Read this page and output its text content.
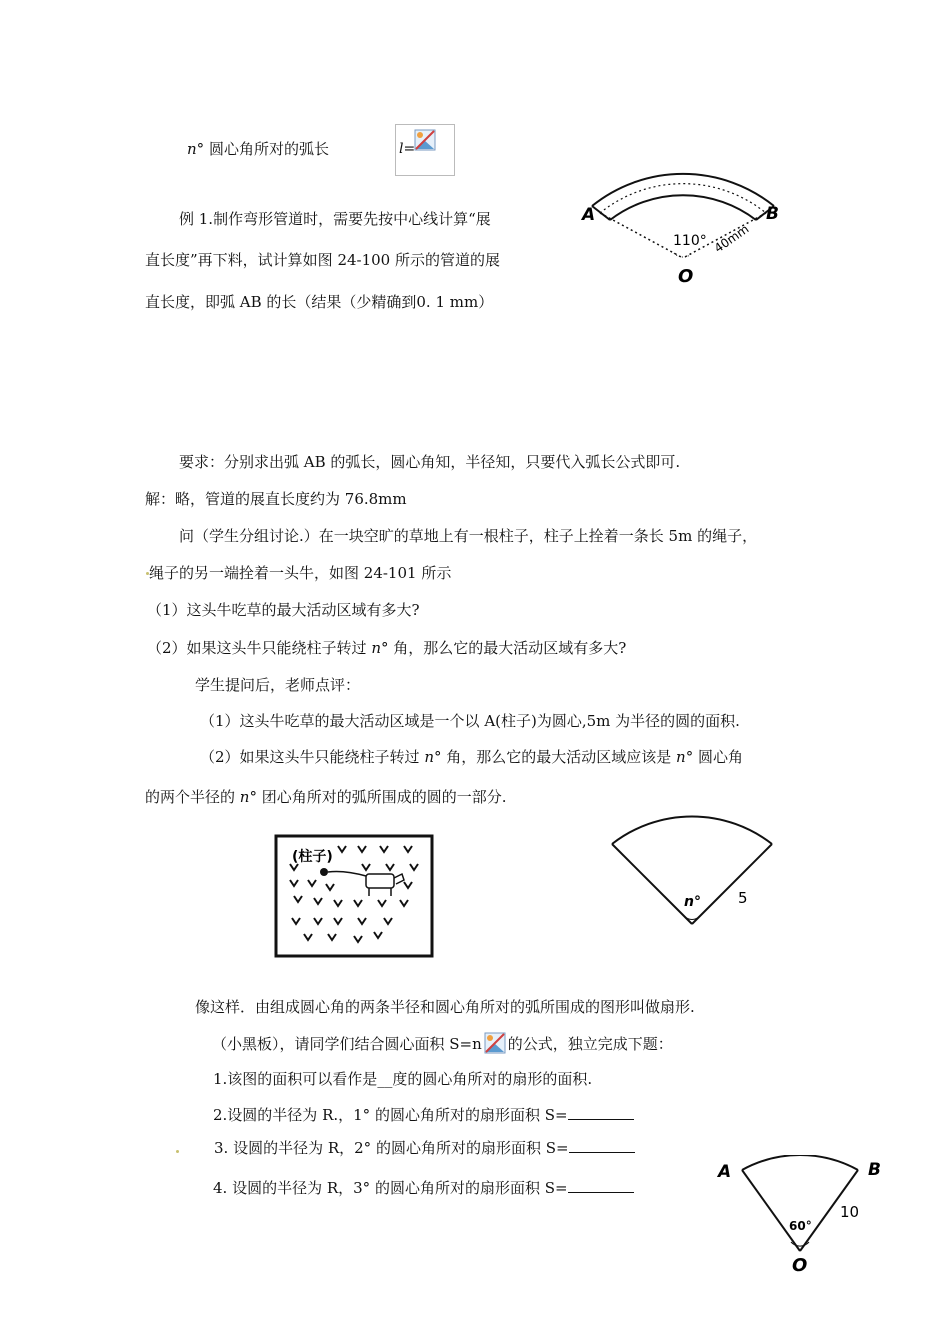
n° 圆心角所对的弧长	l=
例 1.制作弯形管道时，需要先按中心线计算“展
直长度”再下料，试计算如图 24-100 所示的管道的展
直长度，即弧 AB 的长（结果（少精确到0. 1 mm）
A	B
O
110° 40mm
要求：分别求出弧 AB 的弧长，圆心角知，半径知，只要代入弧长公式即可.
解：略，管道的展直长度约为 76.8mm
问（学生分组讨论.）在一块空旷的草地上有一根柱子，柱子上拴着一条长 5m 的绳子，
绳子的另一端拴着一头牛，如图 24-101 所示
（1）这头牛吃草的最大活动区域有多大?
（2）如果这头牛只能绕柱子转过 n° 角，那么它的最大活动区域有多大?
学生提问后，老师点评：
（1）这头牛吃草的最大活动区域是一个以 A(柱子)为圆心,5m 为半径的圆的面积.
（2）如果这头牛只能绕柱子转过 n° 角，那么它的最大活动区域应该是 n° 圆心角
的两个半径的 n° 团心角所对的弧所围成的圆的一部分.
(柱子)
n° 5
像这样．由组成圆心角的两条半径和圆心角所对的弧所围成的图形叫做扇形.
（小黑板），请同学们结合圆心面积 S=n 的公式，独立完成下题：
1.该图的面积可以看作是__度的圆心角所对的扇形的面积.
2.设圆的半径为 R.，1° 的圆心角所对的扇形面积 S=
3. 设圆的半径为 R，2° 的圆心角所对的扇形面积 S=
4. 设圆的半径为 R，3° 的圆心角所对的扇形面积 S=
A	B
O
60°
10
